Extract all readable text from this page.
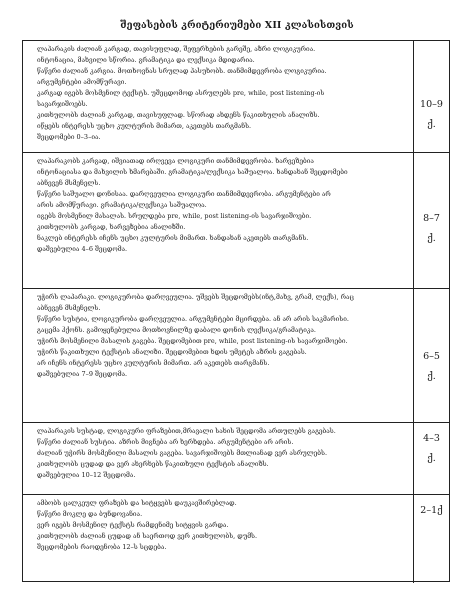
შეფასების კრიტერიუმები XII კლასისთვის
ლაპარაკის ძალიან კარგად, თავისუფლად, შეფერხების გარეშე, აზრი ლოგიკურია.
ინტონაცია, მახვილი სწორია. გრამატიკა და ლექსიკა მდიდარია.
წაწერი ძალიან კარგია. მოთხოვნას სრულად პასუხობს. თანმიმდევრობა ლოგიკურია.
არგუმენტები ამომწურავი.
კარგად იგებს მოსმენილ ტექსტს. უშეცდომოდ ასრულებს pre, while, post listening-ის
სავარჯიშოებს.
კითხულობს ძალიან კარგად, თავისუფლად. სწორად ახდენს წაკითხულის ანალიზს.
იწყებს ინტერესს უცხო კულტურის მიმართ, აკეთებს თარგმანს.
შეცდომები 0–3–ია.
10–9
ქ.
ლაპარაკობს კარგად, იშვიათად ირღვევა ლოგიკური თანმიმდევრობა. ხარვეზებია
ინტონაციასა და მახვილის ხმარებაში. გრამატიკა/ლექსიკა საშუალოა. ხანდახან შეცდომები
აბნევენ მსმენელს.
წაწერი საშუალო დონისაა. დარღვეულია ლოგიკური თანმიმდევრობა. არგუმენტები არ
არის ამომწურავი. გრამატიკა/ლექსიკა საშუალოა.
იგებს მოსმენილ მასალას. სრულდება pre, while, post listening-ის სავარჯიშოები.
კითხულობს კარგად, ხარვეზებია ანალიზში.
ნაკლებ ინტერესს იჩენს უცხო კულტურის მიმართ. ხანდახან აკეთებს თარგმანს.
დაშვებულია 4–6 შეცდომა.
8–7
ქ.
უჭირს ლაპარაკი. ლოგიკურობა დარღვეულია. უშვებს შეცდომებს(ინტ,მახვ, გრამ, ლექს), რაც
აბნევენ მსმენელს.
წაწერი სუსტია, ლოგიკურობა დარღვეულია. არგუმენტები მცირდება. ან არ არის საკმარისი.
გაცემა ჰქონს. გამოყენებულია მოთხოვნილზე დაბალი დონის ლექსიკა/გრამატიკა.
უჭირს მოსმენილი მასალის გაგება. შეცდომებით pre, while, post listening-ის სავარჯიშოები.
უჭირს წაკითხული ტექსტის ანალიზი. შეცდომებით ხდის უმეტეს აზრის გაგებას.
არ იჩენს ინტერესს უცხო კულტურის მიმართ. არ აკეთებს თარგმანს.
დაშვებულია 7–9 შეცდომა.
6–5
ქ.
ლაპარაკის სუსტად, ლოგიკური ფრაზებით,მრავალი სახის შეცდომა ართულებს გაგებას.
წაწერი ძალიან სუსტია. აზრის მიგნება არ ხერხდება. არგუმენტები არ არის.
ძალიან უჭირს მოსმენილი მასალის გაგება. სავარჯიშოებს მთლიანად ვერ ასრულებს.
კითხულობს ცუდად და ვერ ახერხებს წაკითხული ტექსტის ანალიზს.
დაშვებულია 10–12 შეცდომა.
4–3
ქ.
ამბობს ცალკეულ ფრაზებს და სიტყვებს დაუკავშირებლად.
წაწერი მოკლე და ბუნდოვანია.
ვერ იგებს მოსმენილ ტექსტს რამდენიმე სიტყვის გარდა.
კითხულობს ძალიან ცუდად ან საერთოდ ვერ კითხულობს, დუმს.
შეცდომების რაოდენობა 12–ს სცდება.
2–1ქ
